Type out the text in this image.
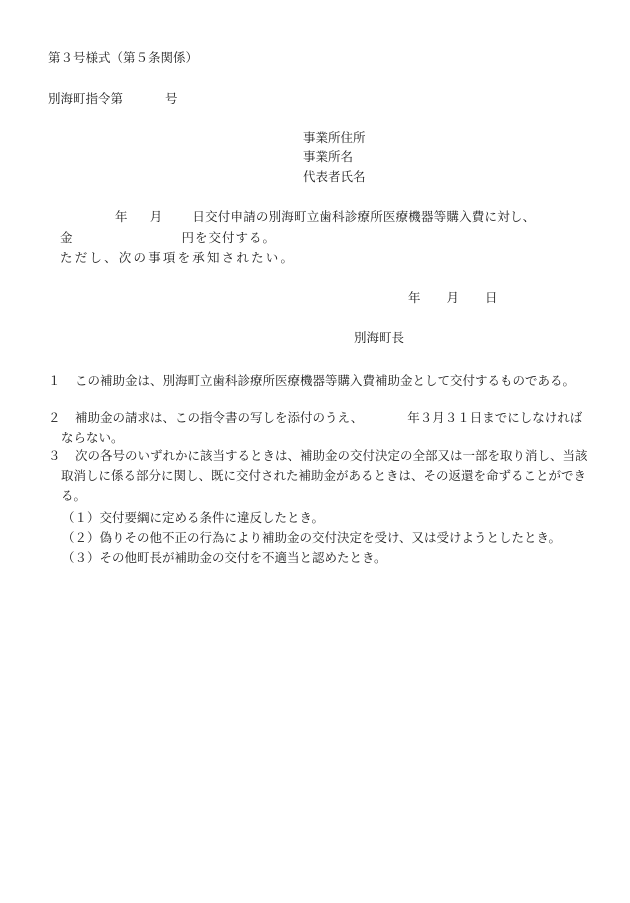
第３号様式（第５条関係）
別海町指令第	号
事業所住所
事業所名
代表者氏名
年 月 日交付申請の別海町立歯科診療所医療機器等購入費に対し、
金	円を交付する。
ただし、次の事項を承知されたい。
年 月 日
別海町長
１	この補助金は、別海町立歯科診療所医療機器等購入費補助金として交付するものである。
２	補助金の請求は、この指令書の写しを添付のうえ、	年３月３１日までにしなければならない。
３	次の各号のいずれかに該当するときは、補助金の交付決定の全部又は一部を取り消し、当該取消しに係る部分に関し、既に交付された補助金があるときは、その返還を命ずることができる。
（１）交付要綱に定める条件に違反したとき。
（２）偽りその他不正の行為により補助金の交付決定を受け、又は受けようとしたとき。
（３）その他町長が補助金の交付を不適当と認めたとき。
